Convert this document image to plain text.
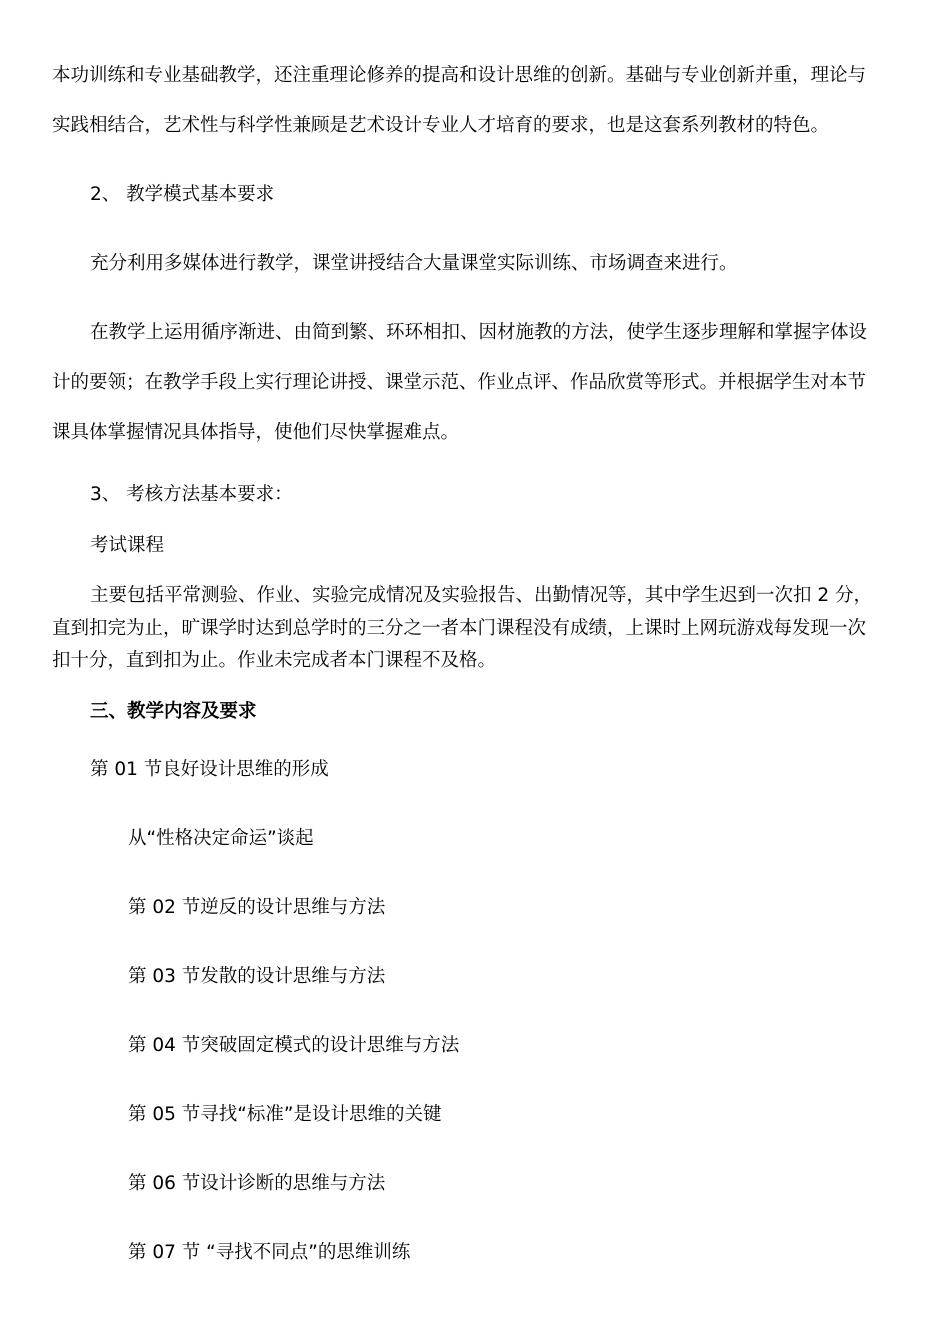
本功训练和专业基础教学，还注重理论修养的提高和设计思维的创新。基础与专业创新并重，理论与
实践相结合，艺术性与科学性兼顾是艺术设计专业人才培育的要求，也是这套系列教材的特色。
2、 教学模式基本要求
充分利用多媒体进行教学，课堂讲授结合大量课堂实际训练、市场调查来进行。
在教学上运用循序渐进、由简到繁、环环相扣、因材施教的方法，使学生逐步理解和掌握字体设
计的要领；在教学手段上实行理论讲授、课堂示范、作业点评、作品欣赏等形式。并根据学生对本节
课具体掌握情况具体指导，使他们尽快掌握难点。
3、 考核方法基本要求：
考试课程
主要包括平常测验、作业、实验完成情况及实验报告、出勤情况等，其中学生迟到一次扣 2 分，
直到扣完为止，旷课学时达到总学时的三分之一者本门课程没有成绩，上课时上网玩游戏每发现一次
扣十分，直到扣为止。作业未完成者本门课程不及格。
三、教学内容及要求
第 01 节良好设计思维的形成
从“性格决定命运”谈起
第 02 节逆反的设计思维与方法
第 03 节发散的设计思维与方法
第 04 节突破固定模式的设计思维与方法
第 05 节寻找“标准”是设计思维的关键
第 06 节设计诊断的思维与方法
第 07 节 “寻找不同点”的思维训练
